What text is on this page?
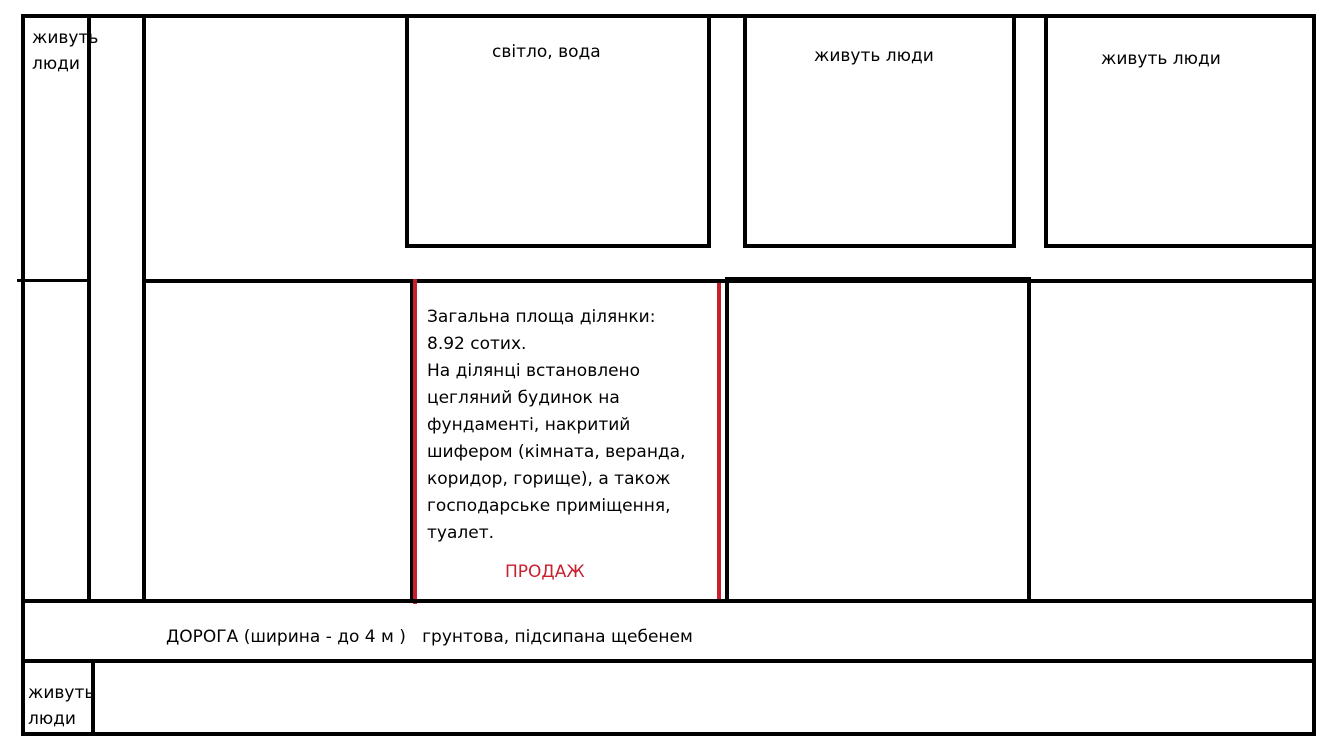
живуть
люди
світло, вода	живуть люди	живуть люди
Загальна площа ділянки:
8.92 сотих.
На ділянці встановлено
цегляний будинок на
фундаменті, накритий
шифером (кімната, веранда,
коридор, горище), а також
господарське приміщення,
туалет.
ПРОДАЖ
ДОРОГА (ширина - до 4 м )   грунтова, підсипана щебенем
живуть
люди
